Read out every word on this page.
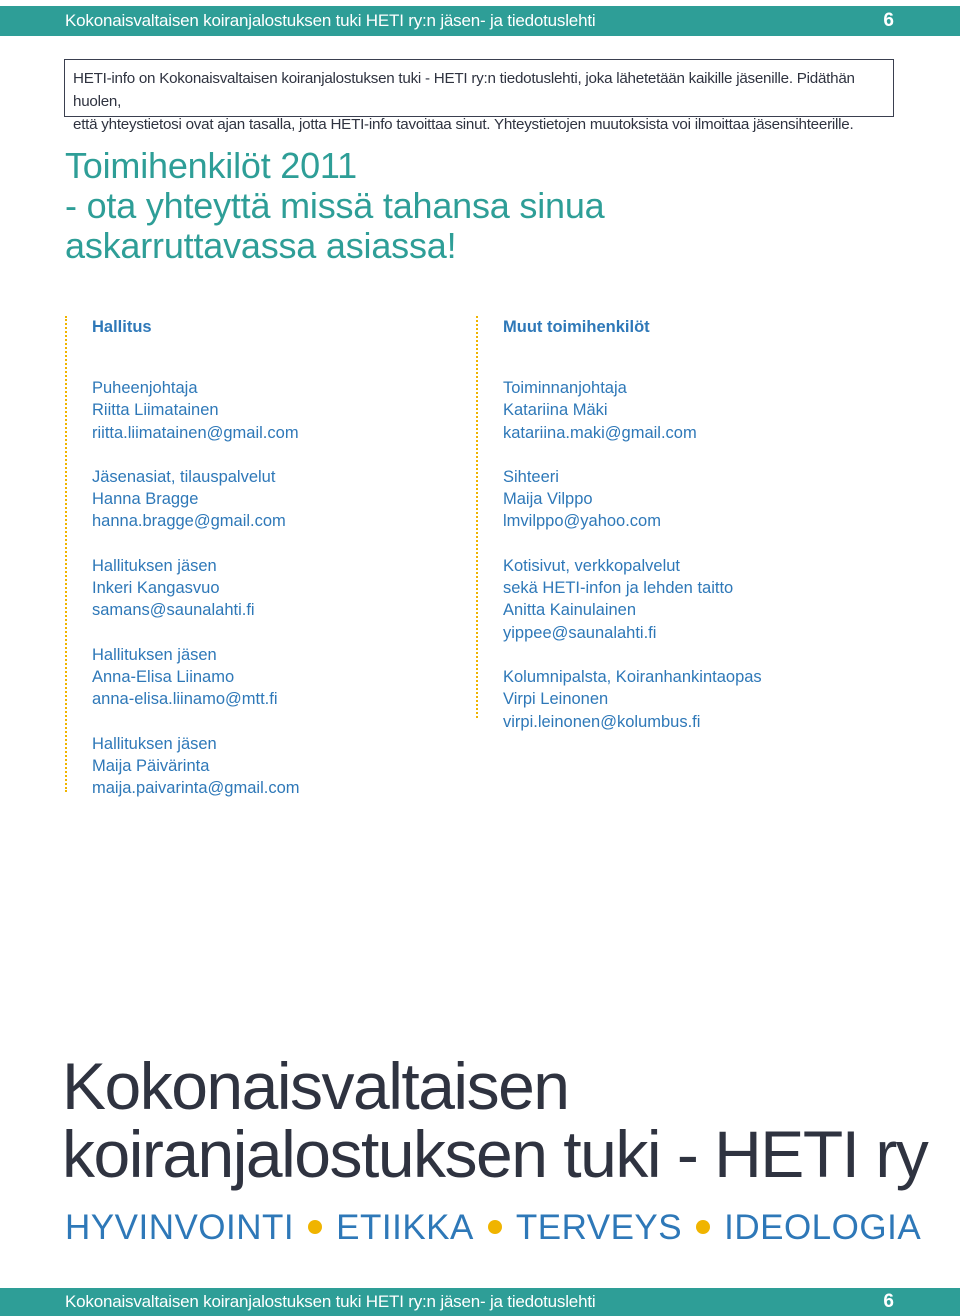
Kokonaisvaltaisen koiranjalostuksen tuki HETI ry:n jäsen- ja tiedotuslehti	6
HETI-info on Kokonaisvaltaisen koiranjalostuksen tuki - HETI ry:n tiedotuslehti, joka lähetetään kaikille jäsenille. Pidäthän huolen,
että yhteystietosi ovat ajan tasalla, jotta HETI-info tavoittaa sinut. Yhteystietojen muutoksista voi ilmoittaa jäsensihteerille.
Toimihenkilöt 2011
- ota yhteyttä missä tahansa sinua
askarruttavassa asiassa!
Hallitus
Puheenjohtaja
Riitta Liimatainen
riitta.liimatainen@gmail.com
Jäsenasiat, tilauspalvelut
Hanna Bragge
hanna.bragge@gmail.com
Hallituksen jäsen
Inkeri Kangasvuo
samans@saunalahti.fi
Hallituksen jäsen
Anna-Elisa Liinamo
anna-elisa.liinamo@mtt.fi
Hallituksen jäsen
Maija Päivärinta
maija.paivarinta@gmail.com
Muut toimihenkilöt
Toiminnanjohtaja
Katariina Mäki
katariina.maki@gmail.com
Sihteeri
Maija Vilppo
lmvilppo@yahoo.com
Kotisivut, verkkopalvelut
sekä HETI-infon ja lehden taitto
Anitta Kainulainen
yippee@saunalahti.fi
Kolumnipalsta, Koiranhankintaopas
Virpi Leinonen
virpi.leinonen@kolumbus.fi
Kokonaisvaltaisen
koiranjalostuksen tuki - HETI ry
HYVINVOINTI ETIIKKA TERVEYS IDEOLOGIA
Kokonaisvaltaisen koiranjalostuksen tuki HETI ry:n jäsen- ja tiedotuslehti	6
